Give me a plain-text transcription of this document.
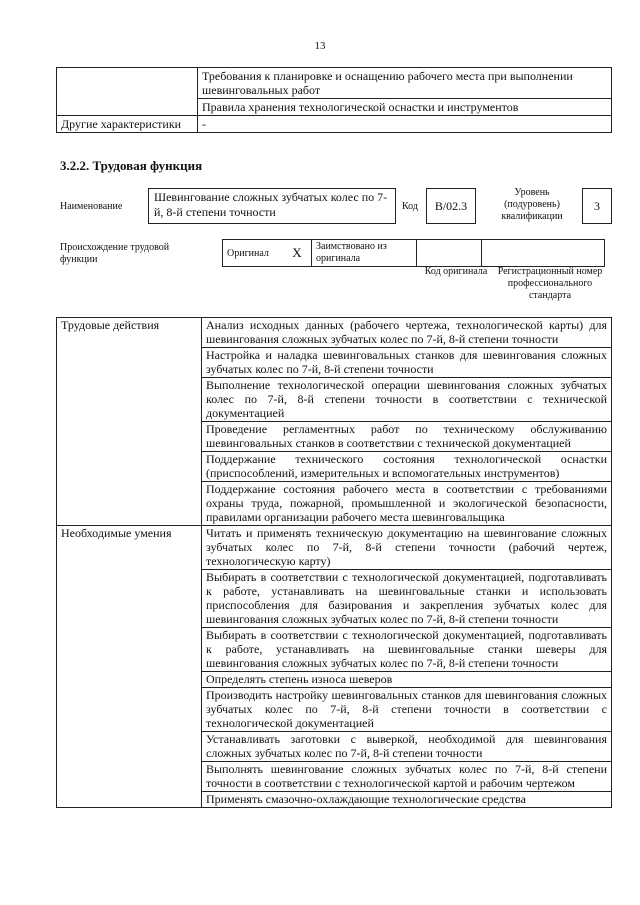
13
	Требования к планировке и оснащению рабочего места при выполнении шевинговальных работ
	Правила хранения технологической оснастки и инструментов
Другие характеристики	-
3.2.2. Трудовая функция
Наименование
Шевингование сложных зубчатых колес по 7-й, 8-й степени точности	Код	B/02.3
Уровень (подуровень) квалификации
3
Происхождение трудовой функции
Оригинал	X	Заимствовано из оригинала		
Код оригинала	Регистрационный номер профессионального стандарта
Трудовые действия	Анализ исходных данных (рабочего чертежа, технологической карты) для шевингования сложных зубчатых колес по 7-й, 8-й степени точности
	Настройка и наладка шевинговальных станков для шевингования сложных зубчатых колес по 7-й, 8-й степени точности
	Выполнение технологической операции шевингования сложных зубчатых колес по 7-й, 8-й степени точности в соответствии с технической документацией
	Проведение регламентных работ по техническому обслуживанию шевинговальных станков в соответствии с технической документацией
	Поддержание технического состояния технологической оснастки (приспособлений, измерительных и вспомогательных инструментов)
	Поддержание состояния рабочего места в соответствии с требованиями охраны труда, пожарной, промышленной и экологической безопасности, правилами организации рабочего места шевинговальщика
Необходимые умения	Читать и применять техническую документацию на шевингование сложных зубчатых колес по 7-й, 8-й степени точности (рабочий чертеж, технологическую карту)
	Выбирать в соответствии с технологической документацией, подготавливать к работе, устанавливать на шевинговальные станки и использовать приспособления для базирования и закрепления зубчатых колес для шевингования сложных зубчатых колес по 7-й, 8-й степени точности
	Выбирать в соответствии с технологической документацией, подготавливать к работе, устанавливать на шевинговальные станки шеверы для шевингования сложных зубчатых колес по 7-й, 8-й степени точности
	Определять степень износа шеверов
	Производить настройку шевинговальных станков для шевингования сложных зубчатых колес по 7-й, 8-й степени точности в соответствии с технологической документацией
	Устанавливать заготовки с выверкой, необходимой для шевингования сложных зубчатых колес по 7-й, 8-й степени точности
	Выполнять шевингование сложных зубчатых колес по 7-й, 8-й степени точности в соответствии с технологической картой и рабочим чертежом
	Применять смазочно-охлаждающие технологические средства
